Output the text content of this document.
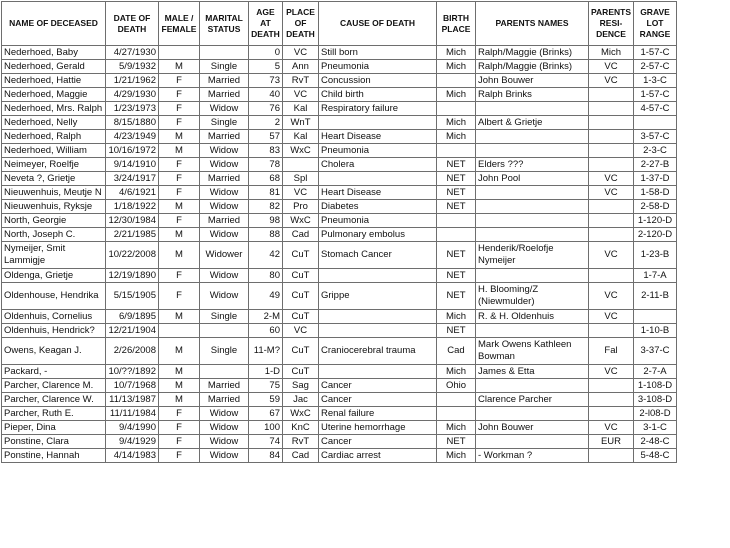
NAME OF DECEASED	DATE OF DEATH	MALE / FEMALE	MARITAL STATUS	AGE AT DEATH	PLACE OF DEATH	CAUSE OF DEATH	BIRTH PLACE	PARENTS NAMES	PARENTS RESI- DENCE	GRAVE LOT RANGE
Nederhoed, Baby	4/27/1930			0	VC	Still born	Mich	Ralph/Maggie (Brinks)	Mich	1-57-C
Nederhoed, Gerald	5/9/1932	M	Single	5	Ann	Pneumonia	Mich	Ralph/Maggie (Brinks)	VC	2-57-C
Nederhoed, Hattie	1/21/1962	F	Married	73	RvT	Concussion		John Bouwer	VC	1-3-C
Nederhoed, Maggie	4/29/1930	F	Married	40	VC	Child birth	Mich	Ralph Brinks		1-57-C
Nederhoed, Mrs. Ralph	1/23/1973	F	Widow	76	Kal	Respiratory failure				4-57-C
Nederhoed, Nelly	8/15/1880	F	Single	2	WnT		Mich	Albert & Grietje		
Nederhoed, Ralph	4/23/1949	M	Married	57	Kal	Heart Disease	Mich			3-57-C
Nederhoed, William	10/16/1972	M	Widow	83	WxC	Pneumonia				2-3-C
Neimeyer, Roelfje	9/14/1910	F	Widow	78		Cholera	NET	Elders ???		2-27-B
Neveta ?, Grietje	3/24/1917	F	Married	68	Spl		NET	John Pool	VC	1-37-D
Nieuwenhuis, Meutje N	4/6/1921	F	Widow	81	VC	Heart Disease	NET		VC	1-58-D
Nieuwenhuis, Ryksje	1/18/1922	M	Widow	82	Pro	Diabetes	NET			2-58-D
North, Georgie	12/30/1984	F	Married	98	WxC	Pneumonia				1-120-D
North, Joseph C.	2/21/1985	M	Widow	88	Cad	Pulmonary embolus				2-120-D
Nymeijer, Smit Lammigje	10/22/2008	M	Widower	42	CuT	Stomach Cancer	NET	Henderik/Roelofje Nymeijer	VC	1-23-B
Oldenga, Grietje	12/19/1890	F	Widow	80	CuT		NET			1-7-A
Oldenhouse, Hendrika	5/15/1905	F	Widow	49	CuT	Grippe	NET	H. Blooming/Z (Niewmulder)	VC	2-11-B
Oldenhuis, Cornelius	6/9/1895	M	Single	2-M	CuT		Mich	R. & H. Oldenhuis	VC	
Oldenhuis, Hendrick?	12/21/1904			60	VC		NET			1-10-B
Owens, Keagan J.	2/26/2008	M	Single	11-M?	CuT	Craniocerebral trauma	Cad	Mark Owens Kathleen Bowman	Fal	3-37-C
Packard, -	10/??/1892	M		1-D	CuT		Mich	James & Etta	VC	2-7-A
Parcher, Clarence M.	10/7/1968	M	Married	75	Sag	Cancer	Ohio			1-108-D
Parcher, Clarence W.	11/13/1987	M	Married	59	Jac	Cancer		Clarence Parcher		3-108-D
Parcher, Ruth E.	11/11/1984	F	Widow	67	WxC	Renal failure				2-l08-D
Pieper, Dina	9/4/1990	F	Widow	100	KnC	Uterine hemorrhage	Mich	John Bouwer	VC	3-1-C
Ponstine, Clara	9/4/1929	F	Widow	74	RvT	Cancer	NET		EUR	2-48-C
Ponstine, Hannah	4/14/1983	F	Widow	84	Cad	Cardiac arrest	Mich	- Workman ?		5-48-C
